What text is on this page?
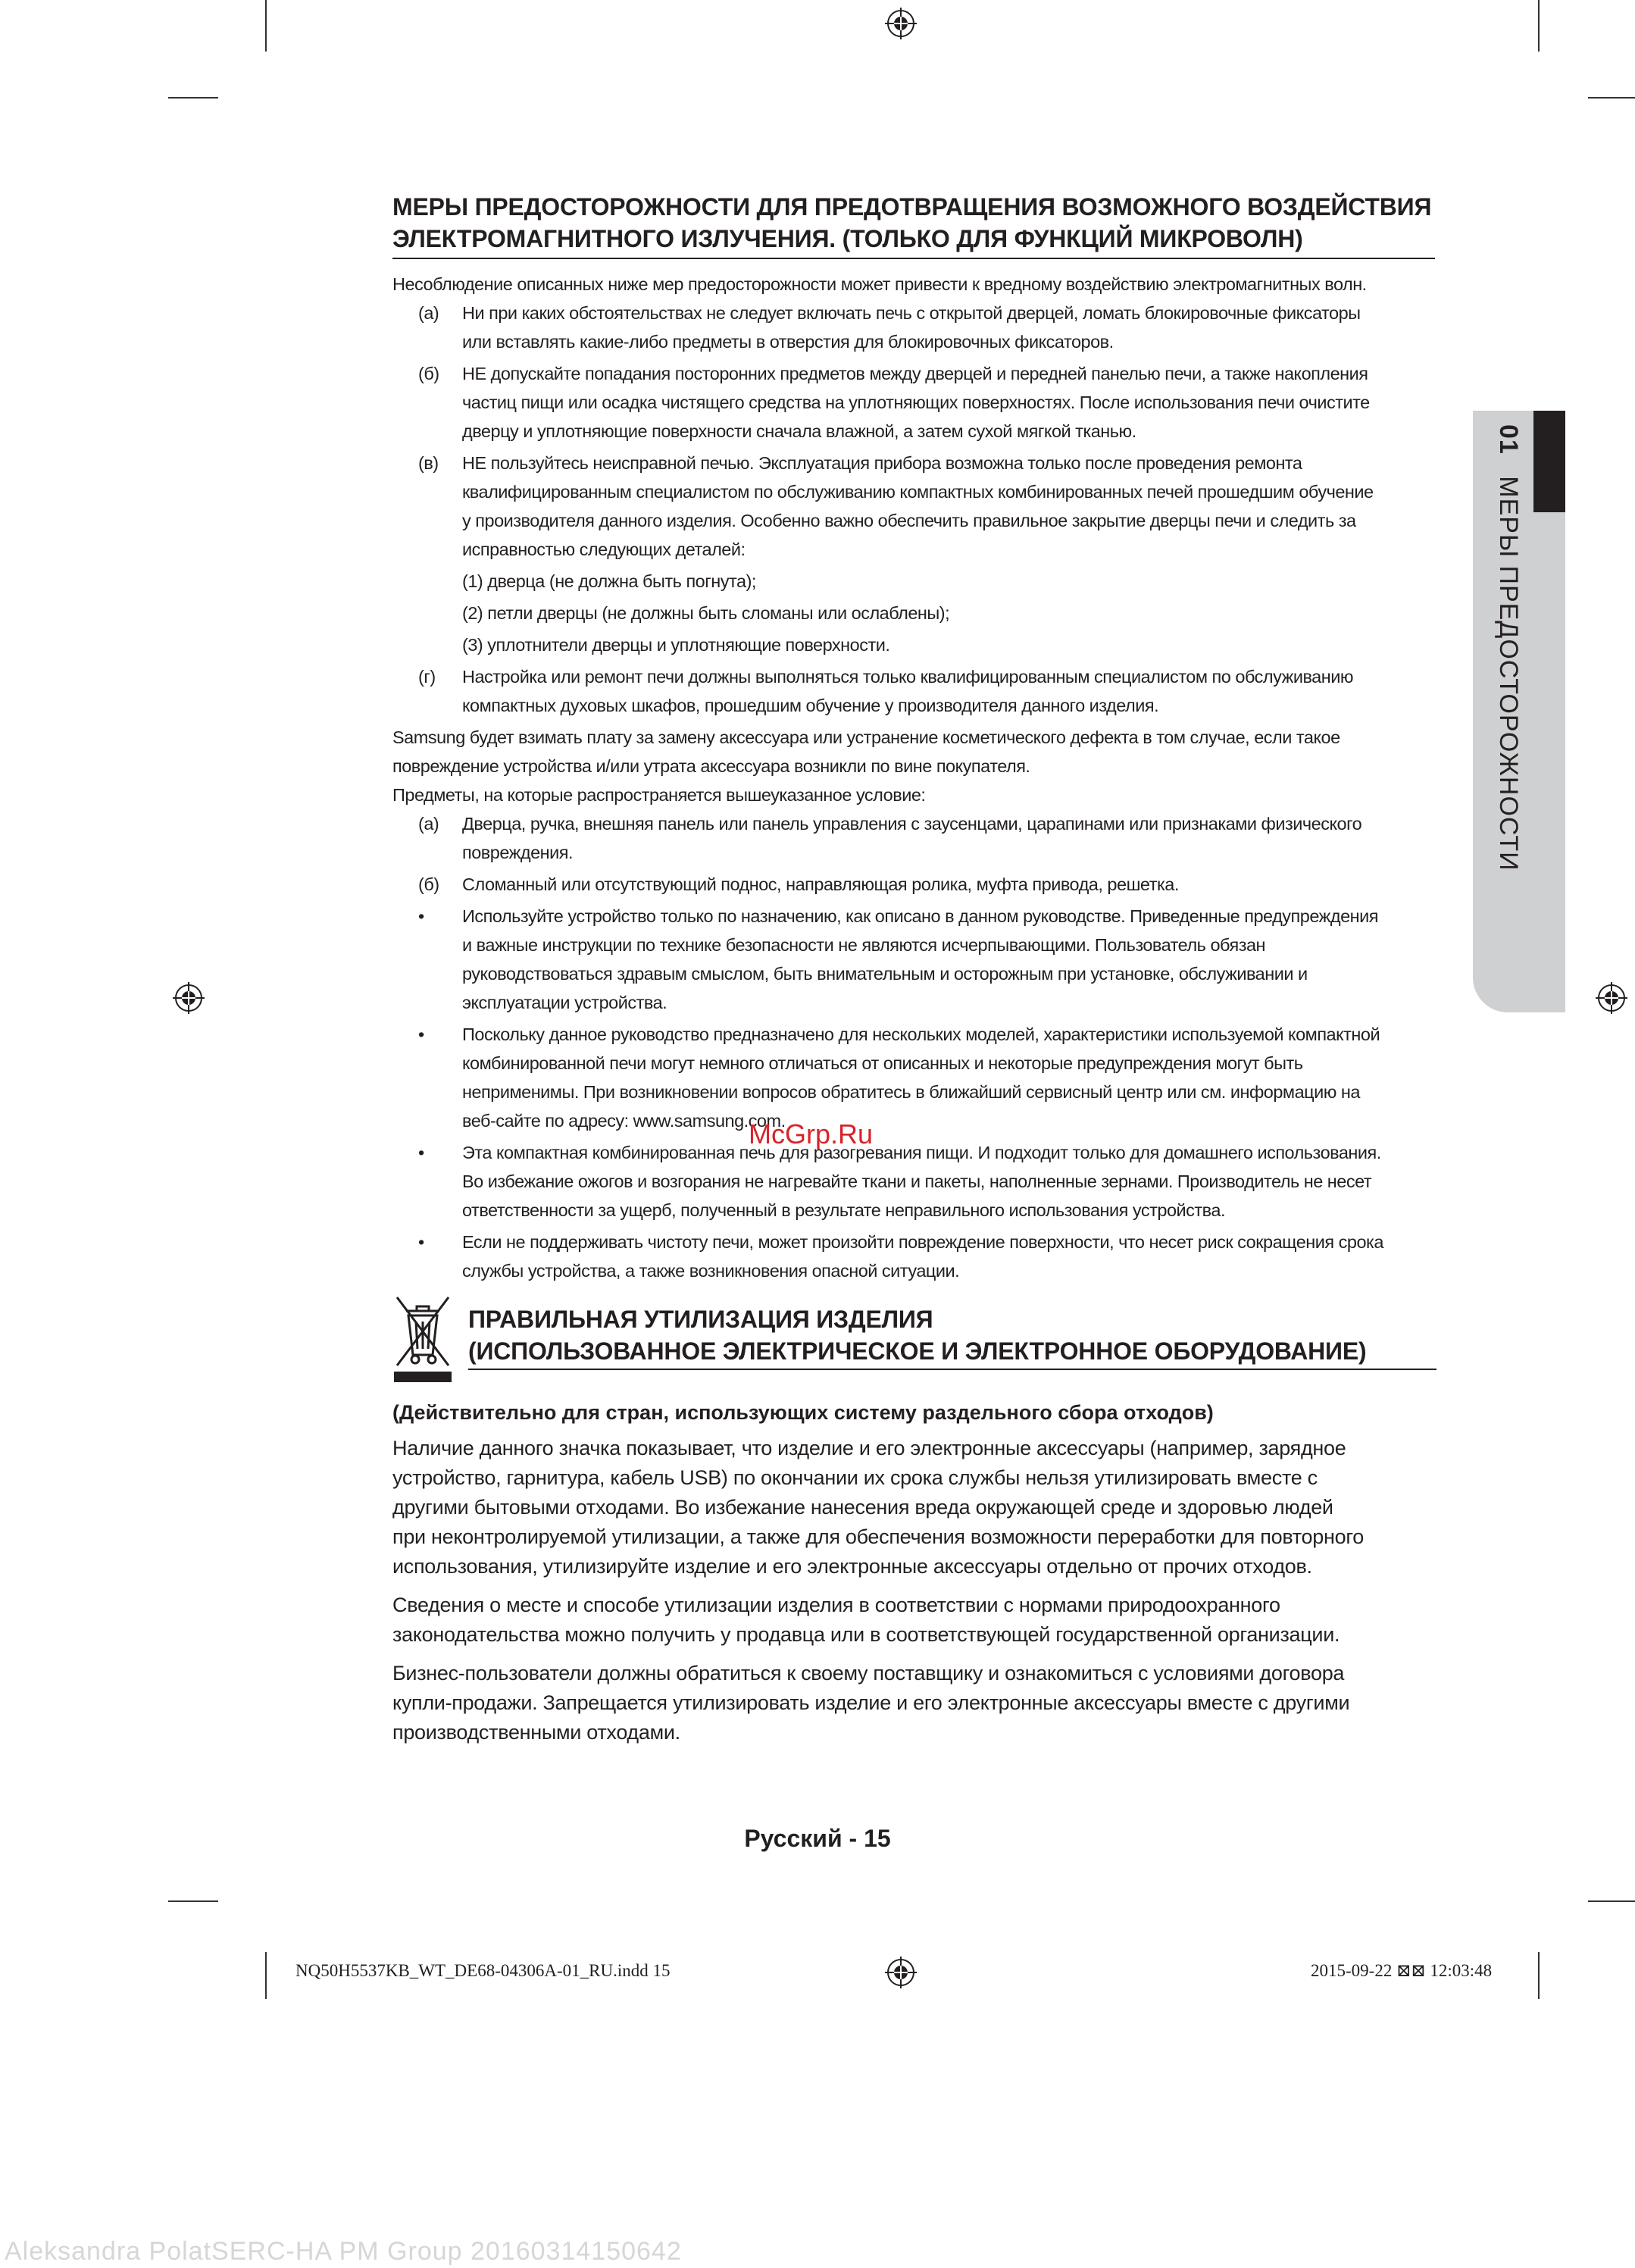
01 МЕРЫ ПРЕДОСТОРОЖНОСТИ
МЕРЫ ПРЕДОСТОРОЖНОСТИ ДЛЯ ПРЕДОТВРАЩЕНИЯ ВОЗМОЖНОГО ВОЗДЕЙСТВИЯ
ЭЛЕКТРОМАГНИТНОГО ИЗЛУЧЕНИЯ. (ТОЛЬКО ДЛЯ ФУНКЦИЙ МИКРОВОЛН)
Несоблюдение описанных ниже мер предосторожности может привести к вредному воздействию электромагнитных волн.
(а) Ни при каких обстоятельствах не следует включать печь с открытой дверцей, ломать блокировочные фиксаторы
или вставлять какие-либо предметы в отверстия для блокировочных фиксаторов.
(б) НЕ допускайте попадания посторонних предметов между дверцей и передней панелью печи, а также накопления
частиц пищи или осадка чистящего средства на уплотняющих поверхностях. После использования печи очистите
дверцу и уплотняющие поверхности сначала влажной, а затем сухой мягкой тканью.
(в) НЕ пользуйтесь неисправной печью. Эксплуатация прибора возможна только после проведения ремонта
квалифицированным специалистом по обслуживанию компактных комбинированных печей прошедшим обучение
у производителя данного изделия. Особенно важно обеспечить правильное закрытие дверцы печи и следить за
исправностью следующих деталей:
(1) дверца (не должна быть погнута);
(2) петли дверцы (не должны быть сломаны или ослаблены);
(3) уплотнители дверцы и уплотняющие поверхности.
(г) Настройка или ремонт печи должны выполняться только квалифицированным специалистом по обслуживанию
компактных духовых шкафов, прошедшим обучение у производителя данного изделия.
Samsung будет взимать плату за замену аксессуара или устранение косметического дефекта в том случае, если такое
повреждение устройства и/или утрата аксессуара возникли по вине покупателя.
Предметы, на которые распространяется вышеуказанное условие:
(а) Дверца, ручка, внешняя панель или панель управления с заусенцами, царапинами или признаками физического
повреждения.
(б) Сломанный или отсутствующий поднос, направляющая ролика, муфта привода, решетка.
• Используйте устройство только по назначению, как описано в данном руководстве. Приведенные предупреждения
и важные инструкции по технике безопасности не являются исчерпывающими. Пользователь обязан
руководствоваться здравым смыслом, быть внимательным и осторожным при установке, обслуживании и
эксплуатации устройства.
• Поскольку данное руководство предназначено для нескольких моделей, характеристики используемой компактной
комбинированной печи могут немного отличаться от описанных и некоторые предупреждения могут быть
неприменимы. При возникновении вопросов обратитесь в ближайший сервисный центр или см. информацию на
веб-сайте по адресу: www.samsung.com.
• Эта компактная комбинированная печь для разогревания пищи. И подходит только для домашнего использования.
Во избежание ожогов и возгорания не нагревайте ткани и пакеты, наполненные зернами. Производитель не несет
ответственности за ущерб, полученный в результате неправильного использования устройства.
• Если не поддерживать чистоту печи, может произойти повреждение поверхности, что несет риск сокращения срока
службы устройства, а также возникновения опасной ситуации.
ПРАВИЛЬНАЯ УТИЛИЗАЦИЯ ИЗДЕЛИЯ
(ИСПОЛЬЗОВАННОЕ ЭЛЕКТРИЧЕСКОЕ И ЭЛЕКТРОННОЕ ОБОРУДОВАНИЕ)
(Действительно для стран, использующих систему раздельного сбора отходов)
Наличие данного значка показывает, что изделие и его электронные аксессуары (например, зарядное
устройство, гарнитура, кабель USB) по окончании их срока службы нельзя утилизировать вместе с
другими бытовыми отходами. Во избежание нанесения вреда окружающей среде и здоровью людей
при неконтролируемой утилизации, а также для обеспечения возможности переработки для повторного
использования, утилизируйте изделие и его электронные аксессуары отдельно от прочих отходов.
Сведения о месте и способе утилизации изделия в соответствии с нормами природоохранного
законодательства можно получить у продавца или в соответствующей государственной организации.
Бизнес-пользователи должны обратиться к своему поставщику и ознакомиться с условиями договора
купли-продажи. Запрещается утилизировать изделие и его электронные аксессуары вместе с другими
производственными отходами.
McGrp.Ru
Русский - 15
NQ50H5537KB_WT_DE68-04306A-01_RU.indd 15	2015-09-22 ⊠⊠ 12:03:48
Aleksandra PolatSERC-HA PM Group 20160314150642
